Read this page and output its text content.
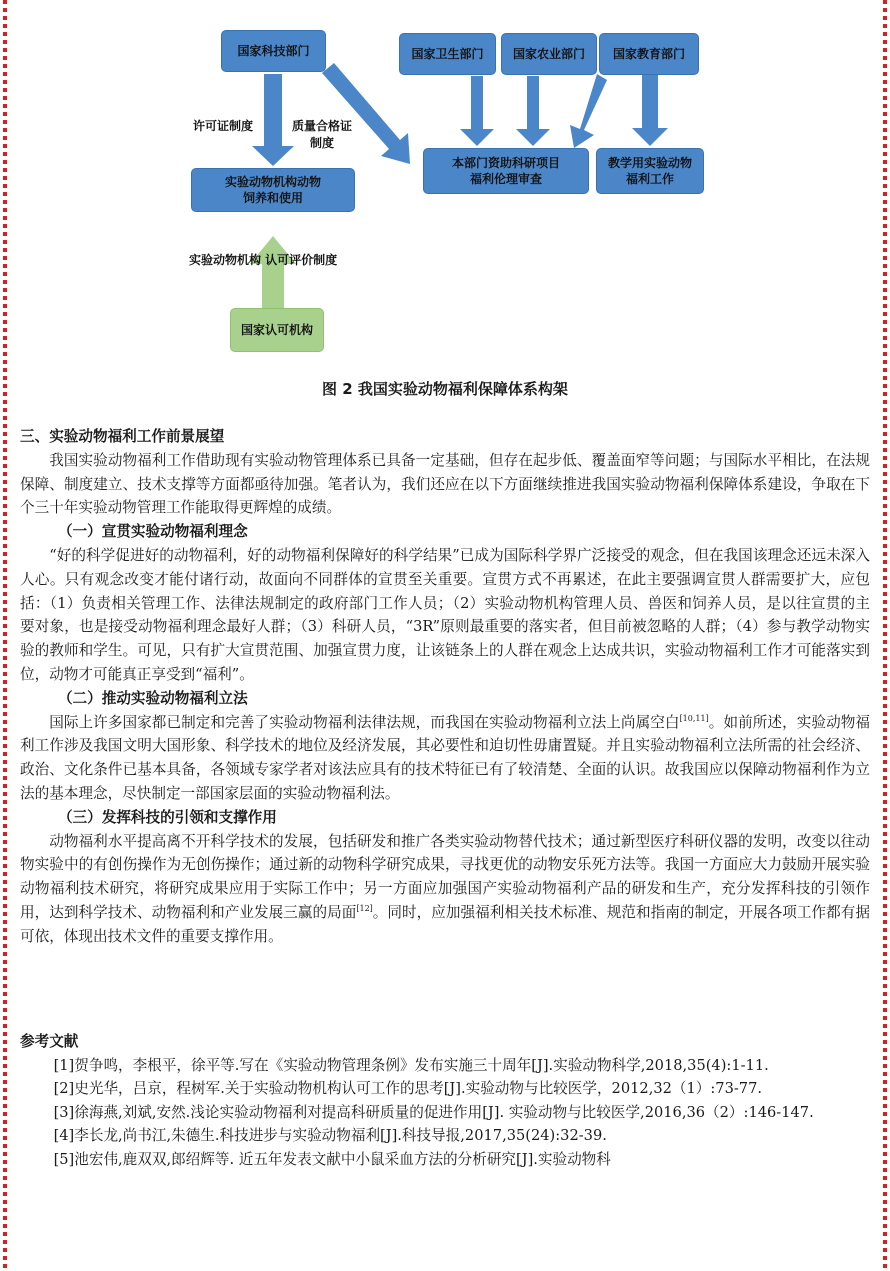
国家科技部门	国家卫生部门	国家农业部门	国家教育部门
实验动物机构动物
饲养和使用
本部门资助科研项目
福利伦理审查
教学用实验动物
福利工作
国家认可机构
许可证制度	质量合格证
制度
实验动物机构 认可评价制度
图 2 我国实验动物福利保障体系构架

三、实验动物福利工作前景展望

我国实验动物福利工作借助现有实验动物管理体系已具备一定基础，但存在起步低、覆盖面窄等问题；与国际水平相比，在法规保障、制度建立、技术支撑等方面都亟待加强。笔者认为，我们还应在以下方面继续推进我国实验动物福利保障体系建设，争取在下个三十年实验动物管理工作能取得更辉煌的成绩。

（一）宣贯实验动物福利理念

“好的科学促进好的动物福利，好的动物福利保障好的科学结果”已成为国际科学界广泛接受的观念，但在我国该理念还远未深入人心。只有观念改变才能付诸行动，故面向不同群体的宣贯至关重要。宣贯方式不再累述，在此主要强调宣贯人群需要扩大，应包括：（1）负责相关管理工作、法律法规制定的政府部门工作人员；（2）实验动物机构管理人员、兽医和饲养人员，是以往宣贯的主要对象，也是接受动物福利理念最好人群；（3）科研人员，“3R”原则最重要的落实者，但目前被忽略的人群；（4）参与教学动物实验的教师和学生。可见，只有扩大宣贯范围、加强宣贯力度，让该链条上的人群在观念上达成共识，实验动物福利工作才可能落实到位，动物才可能真正享受到“福利”。

（二）推动实验动物福利立法

国际上许多国家都已制定和完善了实验动物福利法律法规，而我国在实验动物福利立法上尚属空白[10,11]。如前所述，实验动物福利工作涉及我国文明大国形象、科学技术的地位及经济发展，其必要性和迫切性毋庸置疑。并且实验动物福利立法所需的社会经济、政治、文化条件已基本具备，各领域专家学者对该法应具有的技术特征已有了较清楚、全面的认识。故我国应以保障动物福利作为立法的基本理念，尽快制定一部国家层面的实验动物福利法。

（三）发挥科技的引领和支撑作用

动物福利水平提高离不开科学技术的发展，包括研发和推广各类实验动物替代技术；通过新型医疗科研仪器的发明，改变以往动物实验中的有创伤操作为无创伤操作；通过新的动物科学研究成果，寻找更优的动物安乐死方法等。我国一方面应大力鼓励开展实验动物福利技术研究，将研究成果应用于实际工作中；另一方面应加强国产实验动物福利产品的研发和生产，充分发挥科技的引领作用，达到科学技术、动物福利和产业发展三赢的局面[12]。同时，应加强福利相关技术标准、规范和指南的制定，开展各项工作都有据可依，体现出技术文件的重要支撑作用。

参考文献

[1]贺争鸣，李根平，徐平等.写在《实验动物管理条例》发布实施三十周年[J].实验动物科学,2018,35(4):1-11.

[2]史光华，吕京，程树军.关于实验动物机构认可工作的思考[J].实验动物与比较医学，2012,32（1）:73-77.

[3]徐海燕,刘斌,安然.浅论实验动物福利对提高科研质量的促进作用[J]. 实验动物与比较医学,2016,36（2）:146-147.

[4]李长龙,尚书江,朱德生.科技进步与实验动物福利[J].科技导报,2017,35(24):32-39.

[5]池宏伟,鹿双双,郎绍辉等. 近五年发表文献中小鼠采血方法的分析研究[J].实验动物科
